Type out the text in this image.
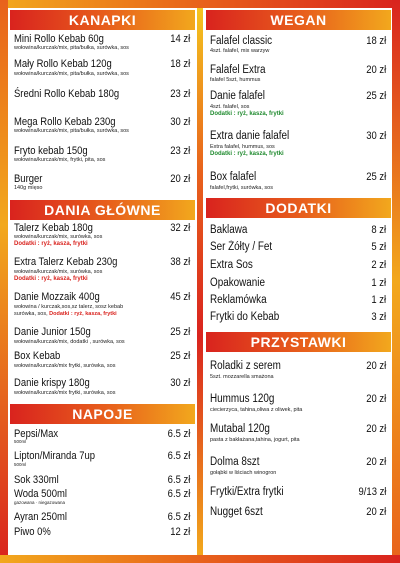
KANAPKI
Mini Rollo Kebab 60g	14 zł
wołowina/kurczak/mix, pita/bułka, surówka, sos
Mały Rollo Kebab 120g	18 zł
wołowina/kurczak/mix, pita/bułka, surówka, sos
Średni Rollo Kebab 180g	23 zł
Mega Rollo Kebab 230g	30 zł
wołowina/kurczak/mix, pita/bułka, surówka, sos
Fryto kebab 150g	23 zł
wołowina/kurczak/mix, frytki, pita, sos
Burger	20 zł
140g mięso
DANIA GŁÓWNE
Talerz Kebab 180g	32 zł
wołowina/kurczak/mix, surówka, sos
Dodatki : ryż, kasza, frytki
Extra Talerz Kebab 230g	38 zł
wołowina/kurczak/mix, surówka, sos
Dodatki : ryż, kasza, frytki
Danie Mozzaik 400g	45 zł
wołowina / kurczak,sos,sz talerz, sosz kebab
surówka, sos, Dodatki : ryż, kasza, frytki
Danie Junior 150g	25 zł
wołowina/kurczak/mix, dodatki , surówka, sos
Box Kebab	25 zł
wołowina/kurczak/mix frytki, surówka, sos
Danie krispy 180g	30 zł
wołowina/kurczak/mix frytki, surówka, sos
NAPOJE
Pepsi/Max	6.5 zł
500ml
Lipton/Miranda 7up	6.5 zł
500ml
Sok 330ml	6.5 zł
Woda 500ml	6.5 zł
gazowana · niegazowana
Ayran 250ml	6.5 zł
Piwo 0%	12 zł
WEGAN
Falafel classic	18 zł
4szt. falafel, mix warzyw
Falafel Extra	20 zł
falafel 5szt, hummus
Danie falafel	25 zł
4szt. falafel, sos
Dodatki : ryż, kasza, frytki
Extra danie falafel	30 zł
Extra falafel, hummus, sos
Dodatki : ryż, kasza, frytki
Box falafel	25 zł
falafel,frytki, surówka, sos
DODATKI
Baklawa	8 zł
Ser Żółty / Fet	5 zł
Extra Sos	2 zł
Opakowanie	1 zł
Reklamówka	1 zł
Frytki do Kebab	3 zł
PRZYSTAWKI
Roladki z serem	20 zł
5szt. mozzarella smażona
Hummus 120g	20 zł
ciecierzyca, tahina,oliwa z oliwek, pita
Mutabal 120g	20 zł
pasta z bakłażana,tahina, jogurt, pita
Dolma 8szt	20 zł
gołąbki w liściach winogron
Frytki/Extra frytki	9/13 zł
Nugget 6szt	20 zł
